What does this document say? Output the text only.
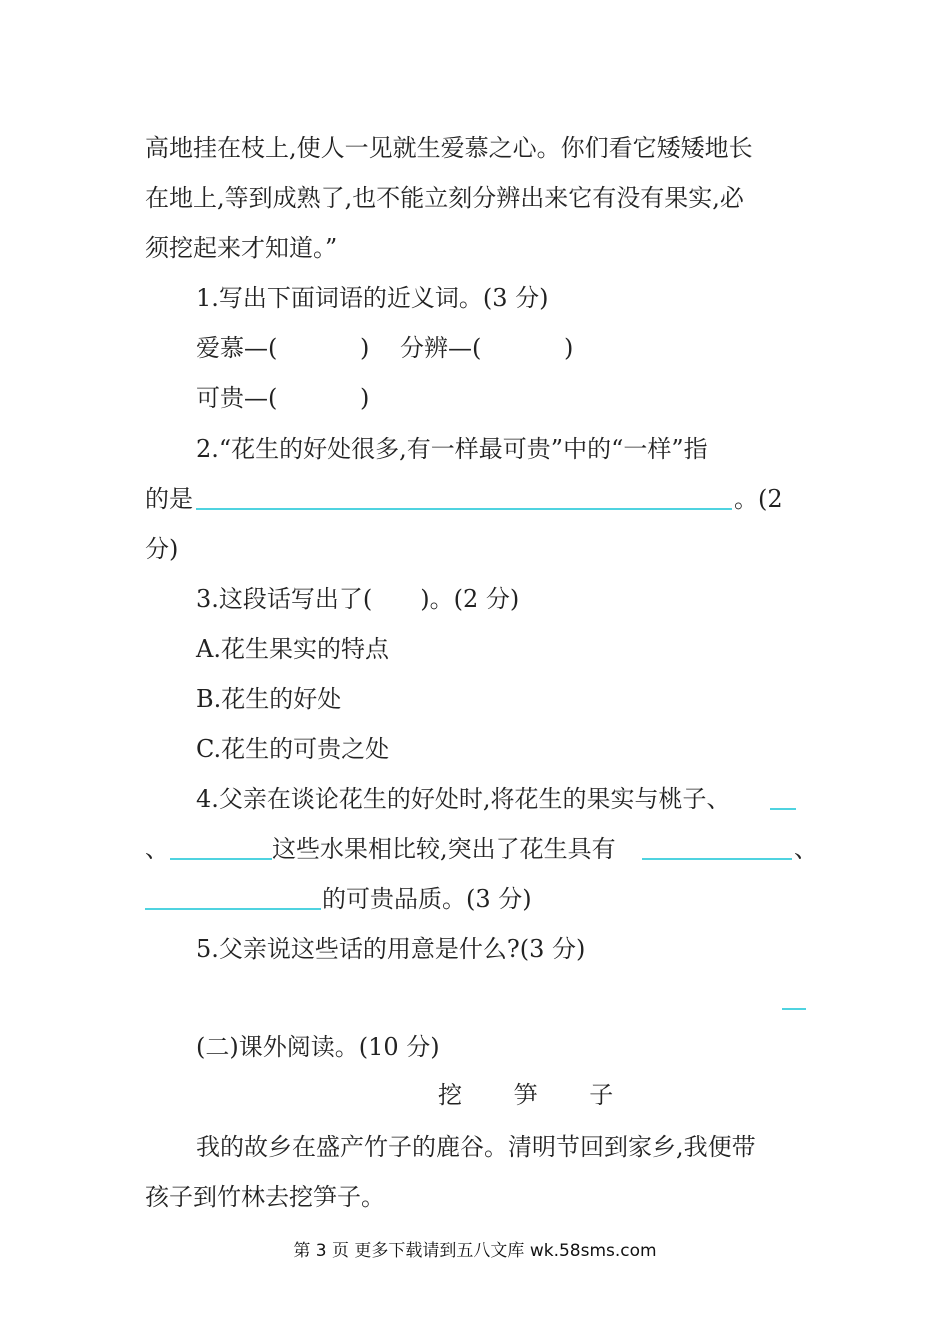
高地挂在枝上,使人一见就生爱慕之心。你们看它矮矮地长
在地上,等到成熟了,也不能立刻分辨出来它有没有果实,必
须挖起来才知道。”
1.写出下面词语的近义词。(3 分)
爱慕—(	) 分辨—(	)
可贵—(	)
2.“花生的好处很多,有一样最可贵”中的“一样”指
的是	。(2
分)
3.这段话写出了(　　)。(2 分)
A.花生果实的特点
B.花生的好处
C.花生的可贵之处
4.父亲在谈论花生的好处时,将花生的果实与桃子、
、	这些水果相比较,突出了花生具有	、
的可贵品质。(3 分)
5.父亲说这些话的用意是什么?(3 分)
(二)课外阅读。(10 分)
挖 笋 子
我的故乡在盛产竹子的鹿谷。清明节回到家乡,我便带
孩子到竹林去挖笋子。
第 3 页 更多下载请到五八文库 wk.58sms.com
